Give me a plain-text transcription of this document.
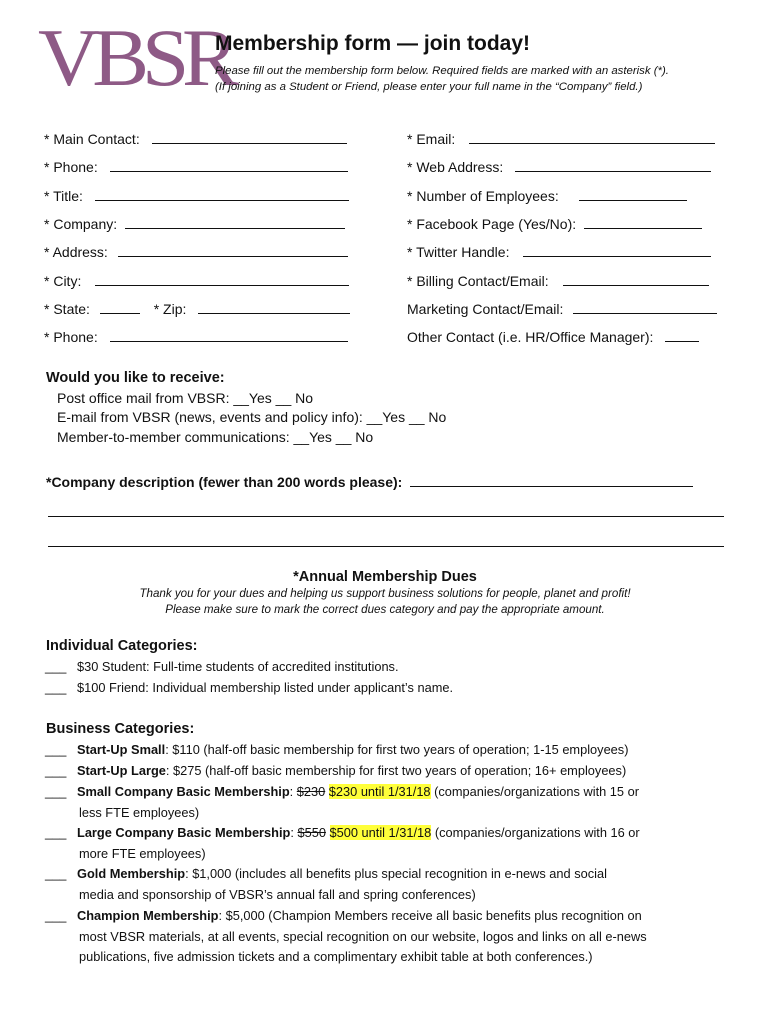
VBSR
Membership form — join today!
Please fill out the membership form below. Required fields are marked with an asterisk (*).
(If joining as a Student or Friend, please enter your full name in the “Company” field.)
* Main Contact:
* Phone:
* Title:
* Company:
* Address:
* City:
* State:	* Zip:
* Phone:
* Email:
* Web Address:
* Number of Employees:
* Facebook Page (Yes/No):
* Twitter Handle:
* Billing Contact/Email:
Marketing Contact/Email:
Other Contact (i.e. HR/Office Manager):
Would you like to receive:
Post office mail from VBSR: __Yes __ No
E-mail from VBSR (news, events and policy info): __Yes __ No
Member-to-member communications: __Yes __ No
*Company description (fewer than 200 words please):
*Annual Membership Dues
Thank you for your dues and helping us support business solutions for people, planet and profit!
Please make sure to mark the correct dues category and pay the appropriate amount.
Individual Categories:
___ $30 Student: Full-time students of accredited institutions.
___ $100 Friend: Individual membership listed under applicant’s name.
Business Categories:
___ Start-Up Small: $110 (half-off basic membership for first two years of operation; 1-15 employees)
___ Start-Up Large: $275 (half-off basic membership for first two years of operation; 16+ employees)
___ Small Company Basic Membership: $230 $230 until 1/31/18 (companies/organizations with 15 or
less FTE employees)
___ Large Company Basic Membership: $550 $500 until 1/31/18 (companies/organizations with 16 or
more FTE employees)
___ Gold Membership: $1,000 (includes all benefits plus special recognition in e-news and social
media and sponsorship of VBSR’s annual fall and spring conferences)
___ Champion Membership: $5,000 (Champion Members receive all basic benefits plus recognition on
most VBSR materials, at all events, special recognition on our website, logos and links on all e-news
publications, five admission tickets and a complimentary exhibit table at both conferences.)
